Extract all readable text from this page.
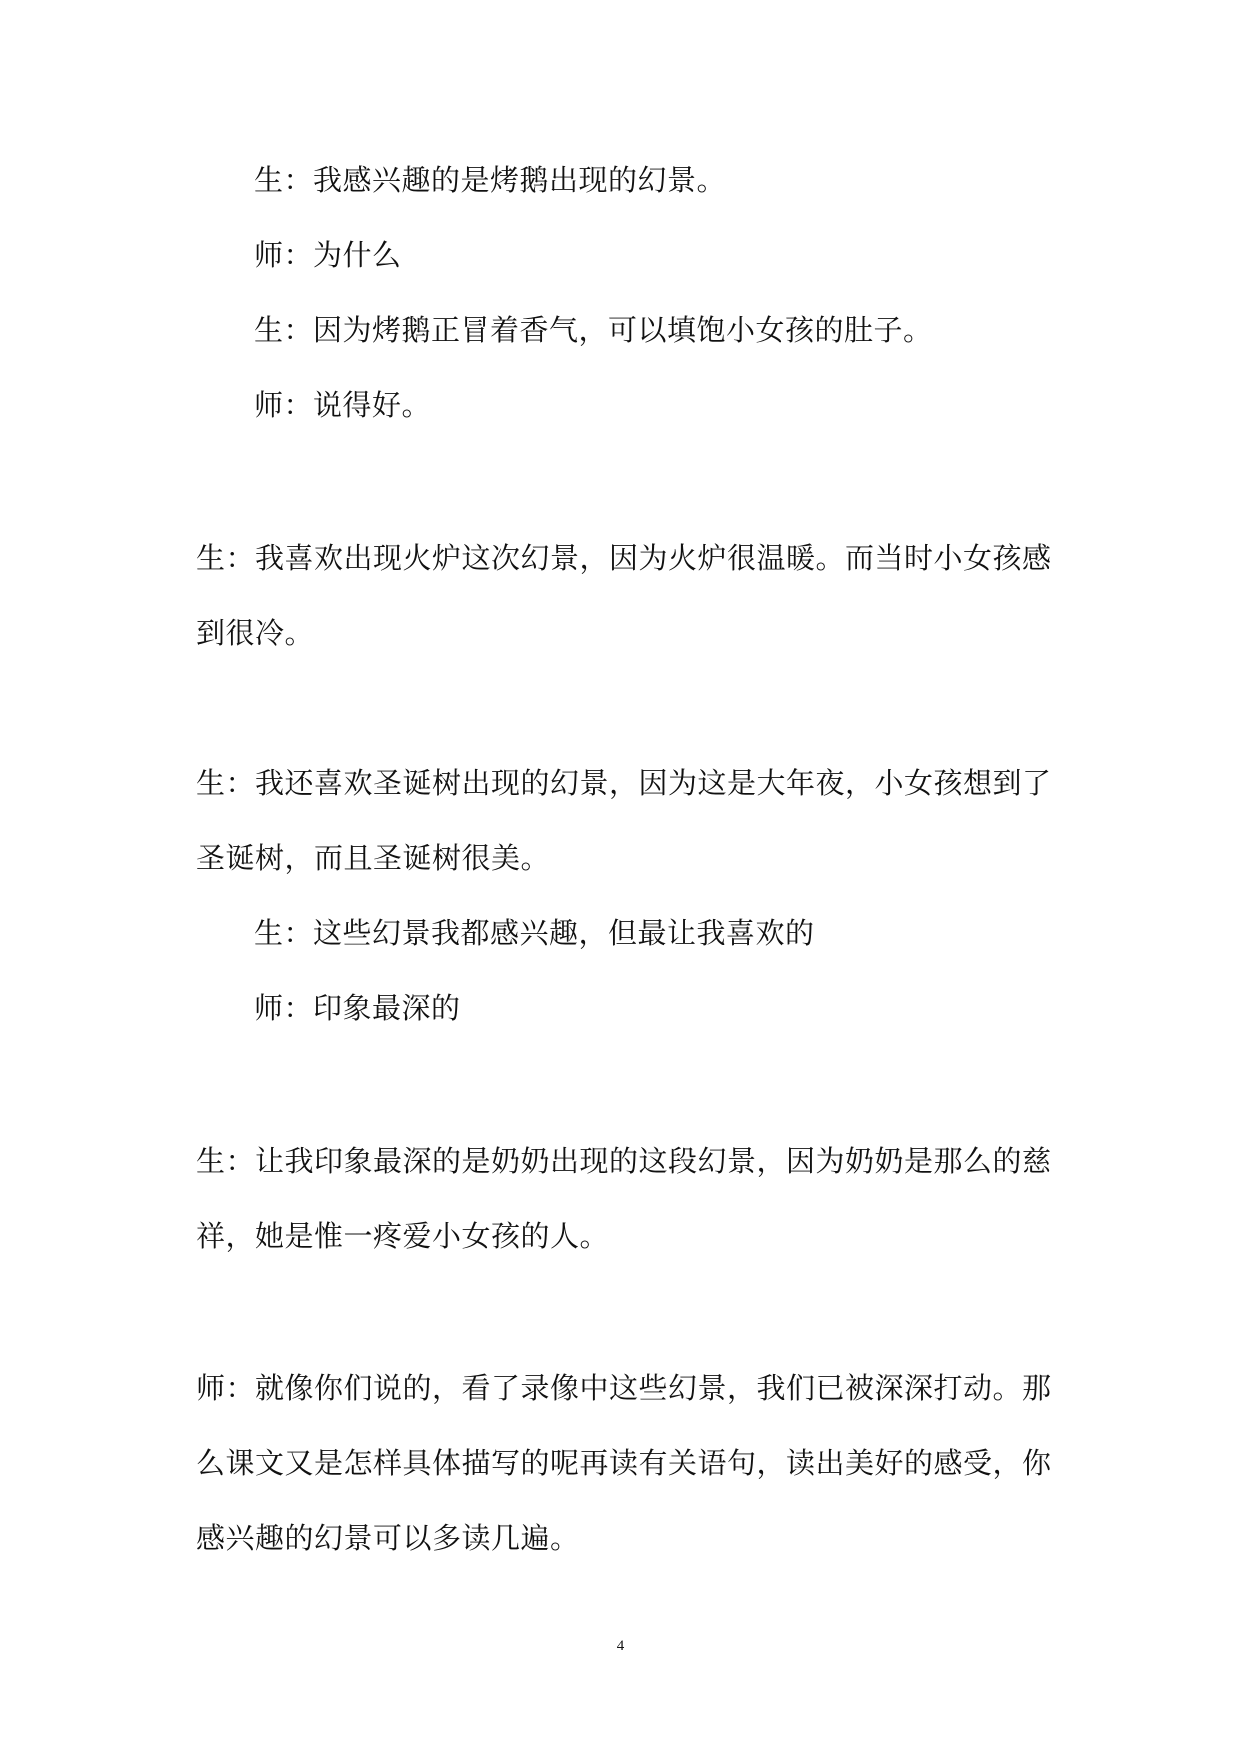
生：我感兴趣的是烤鹅出现的幻景。
师：为什么
生：因为烤鹅正冒着香气，可以填饱小女孩的肚子。
师：说得好。
生：我喜欢出现火炉这次幻景，因为火炉很温暖。而当时小女孩感
到很冷。
生：我还喜欢圣诞树出现的幻景，因为这是大年夜，小女孩想到了
圣诞树，而且圣诞树很美。
生：这些幻景我都感兴趣，但最让我喜欢的
师：印象最深的
生：让我印象最深的是奶奶出现的这段幻景，因为奶奶是那么的慈
祥，她是惟一疼爱小女孩的人。
师：就像你们说的，看了录像中这些幻景，我们已被深深打动。那
么课文又是怎样具体描写的呢再读有关语句，读出美好的感受，你
感兴趣的幻景可以多读几遍。
4
